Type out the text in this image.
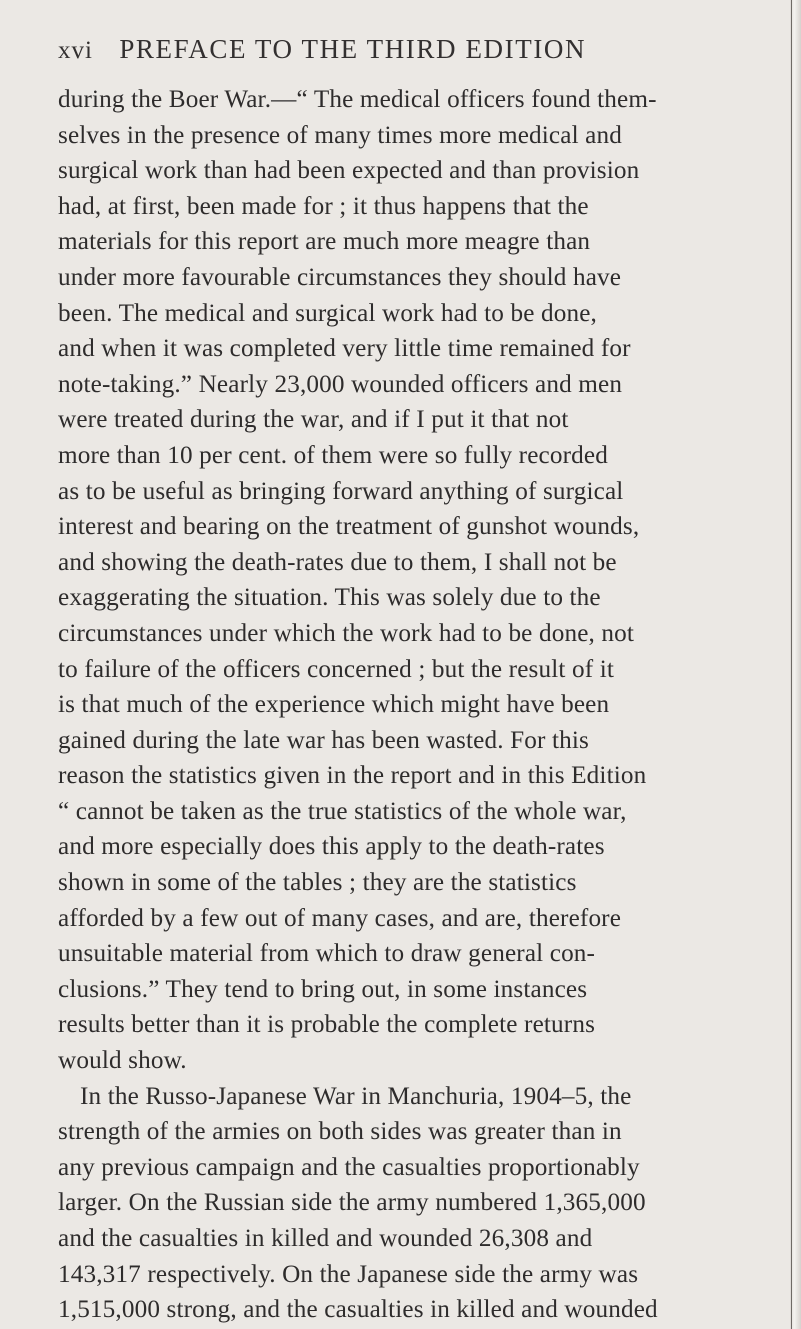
xvi PREFACE TO THE THIRD EDITION
during the Boer War.—“ The medical officers found them-
selves in the presence of many times more medical and
surgical work than had been expected and than provision
had, at first, been made for ; it thus happens that the
materials for this report are much more meagre than
under more favourable circumstances they should have
been. The medical and surgical work had to be done,
and when it was completed very little time remained for
note-taking.” Nearly 23,000 wounded officers and men
were treated during the war, and if I put it that not
more than 10 per cent. of them were so fully recorded
as to be useful as bringing forward anything of surgical
interest and bearing on the treatment of gunshot wounds,
and showing the death-rates due to them, I shall not be
exaggerating the situation. This was solely due to the
circumstances under which the work had to be done, not
to failure of the officers concerned ; but the result of it
is that much of the experience which might have been
gained during the late war has been wasted. For this
reason the statistics given in the report and in this Edition
“ cannot be taken as the true statistics of the whole war,
and more especially does this apply to the death-rates
shown in some of the tables ; they are the statistics
afforded by a few out of many cases, and are, therefore
unsuitable material from which to draw general con-
clusions.” They tend to bring out, in some instances
results better than it is probable the complete returns
would show.
In the Russo-Japanese War in Manchuria, 1904–5, the
strength of the armies on both sides was greater than in
any previous campaign and the casualties proportionably
larger. On the Russian side the army numbered 1,365,000
and the casualties in killed and wounded 26,308 and
143,317 respectively. On the Japanese side the army was
1,515,000 strong, and the casualties in killed and wounded
